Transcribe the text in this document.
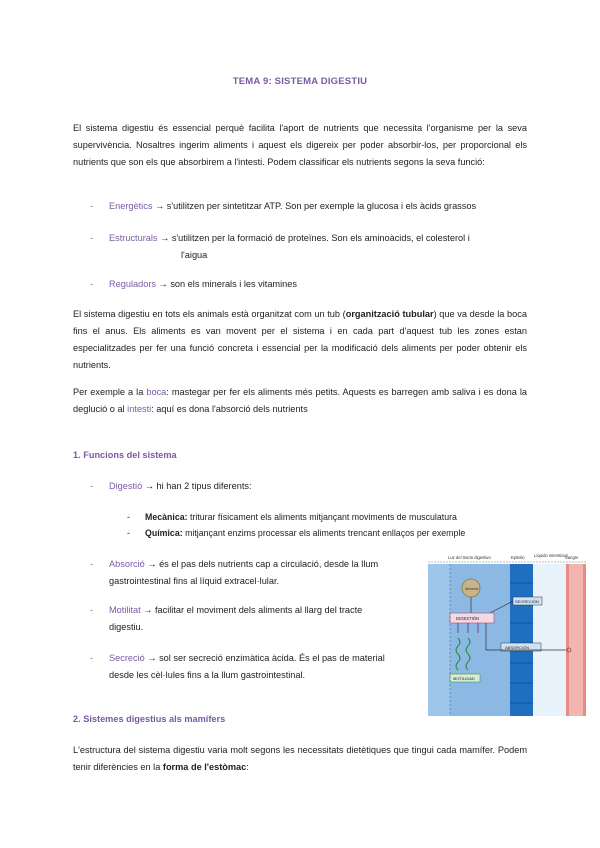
TEMA 9: SISTEMA DIGESTIU
El sistema digestiu és essencial perquè facilita l'aport de nutrients que necessita l'organisme per la seva supervivència. Nosaltres ingerim aliments i aquest els digereix per poder absorbir-los, per proporcional els nutrients que son els que absorbirem a l'intesti. Podem classificar els nutrients segons la seva funció:
- Energètics → s'utilitzen per sintetitzar ATP. Son per exemple la glucosa i els àcids grassos
- Estructurals → s'utilitzen per la formació de proteïnes. Son els aminoàcids, el colesterol i
l'aigua
- Reguladors → son els minerals i les vitamines
El sistema digestiu en tots els animals està organitzat com un tub (organització tubular) que va desde la boca fins el anus. Els aliments es van movent per el sistema i en cada part d'aquest tub les zones estan especialitzades per fer una funció concreta i essencial per la modificació dels aliments per poder obtenir els nutrients.
Per exemple a la boca: mastegar per fer els aliments més petits. Aquests es barregen amb saliva i es dona la deglució o al intesti: aquí es dona l'absorció dels nutrients
1. Funcions del sistema
- Digestió → hi han 2 tipus diferents:
- Mecànica: triturar físicament els aliments mitjançant moviments de musculatura
- Química: mitjançant enzims processar els aliments trencant enllaços per exemple
- Absorció → és el pas dels nutrients cap a circulació, desde la llum
gastrointestinal fins al líquid extracel·lular.
- Motilitat → facilitar el moviment dels aliments al llarg del tracte
digestiu.
- Secreció → sol ser secreció enzimàtica àcida. És el pas de material
desde les cèl·lules fins a la llum gastrointestinal.
Luz del tracto digestivo	Epitelio Líquido intersticial
Sangre
Alimento
SECRECIÓN
DIGESTIÓN
ABSORCIÓN
MOTILIDAD
2. Sistemes digestius als mamífers
L'estructura del sistema digestiu varia molt segons les necessitats dietètiques que tingui cada mamífer. Podem tenir diferències en la forma de l'estòmac:
